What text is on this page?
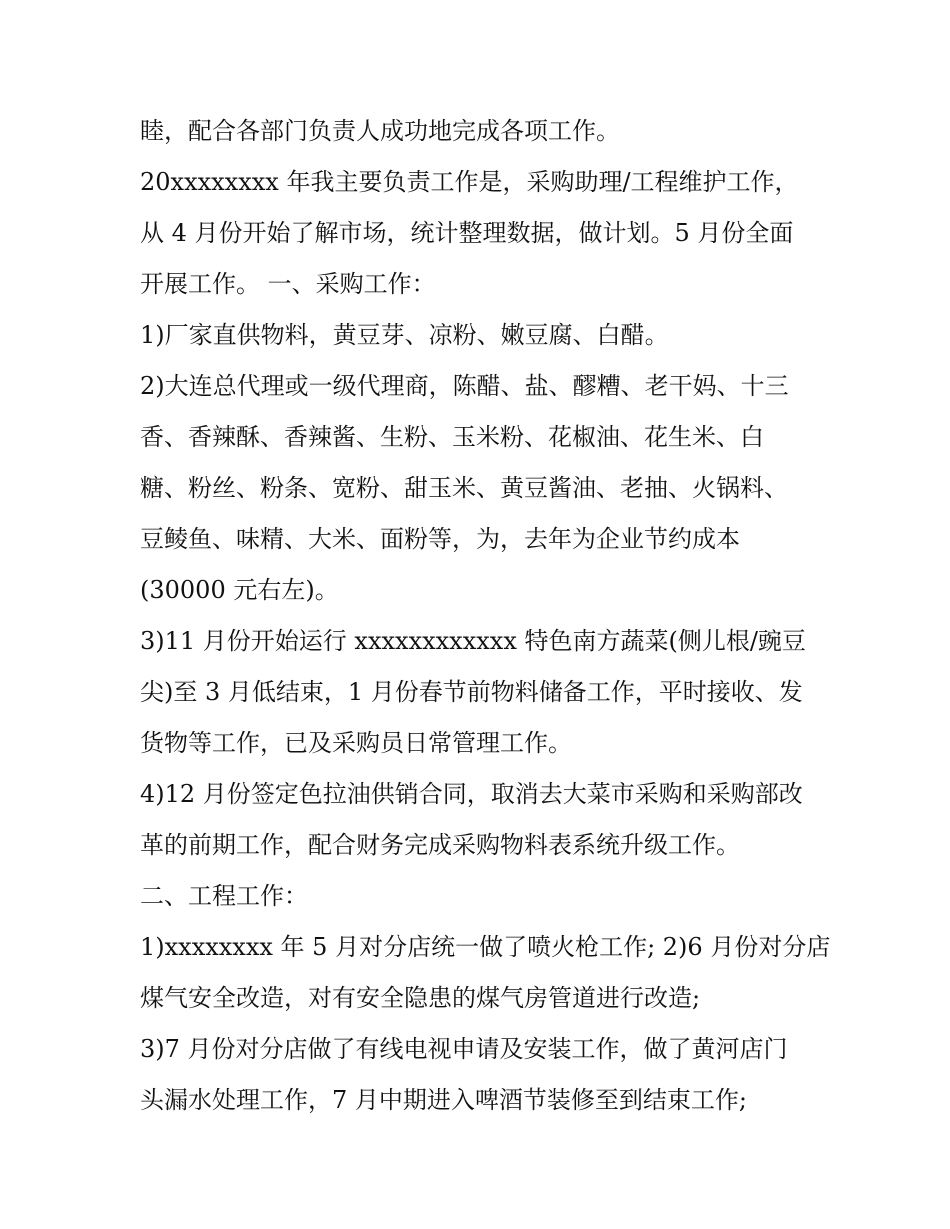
睦，配合各部门负责人成功地完成各项工作。
20xxxxxxxx 年我主要负责工作是，采购助理/工程维护工作，
从 4 月份开始了解市场，统计整理数据，做计划。5 月份全面
开展工作。 一、采购工作：
1)厂家直供物料，黄豆芽、凉粉、嫩豆腐、白醋。
2)大连总代理或一级代理商，陈醋、盐、醪糟、老干妈、十三
香、香辣酥、香辣酱、生粉、玉米粉、花椒油、花生米、白
糖、粉丝、粉条、宽粉、甜玉米、黄豆酱油、老抽、火锅料、
豆鲮鱼、味精、大米、面粉等，为，去年为企业节约成本
(30000 元右左)。
3)11 月份开始运行 xxxxxxxxxxxx 特色南方蔬菜(侧儿根/豌豆
尖)至 3 月低结束，1 月份春节前物料储备工作，平时接收、发
货物等工作，已及采购员日常管理工作。
4)12 月份签定色拉油供销合同，取消去大菜市采购和采购部改
革的前期工作，配合财务完成采购物料表系统升级工作。
二、工程工作：
1)xxxxxxxx 年 5 月对分店统一做了喷火枪工作; 2)6 月份对分店
煤气安全改造，对有安全隐患的煤气房管道进行改造;
3)7 月份对分店做了有线电视申请及安装工作，做了黄河店门
头漏水处理工作，7 月中期进入啤酒节装修至到结束工作;
